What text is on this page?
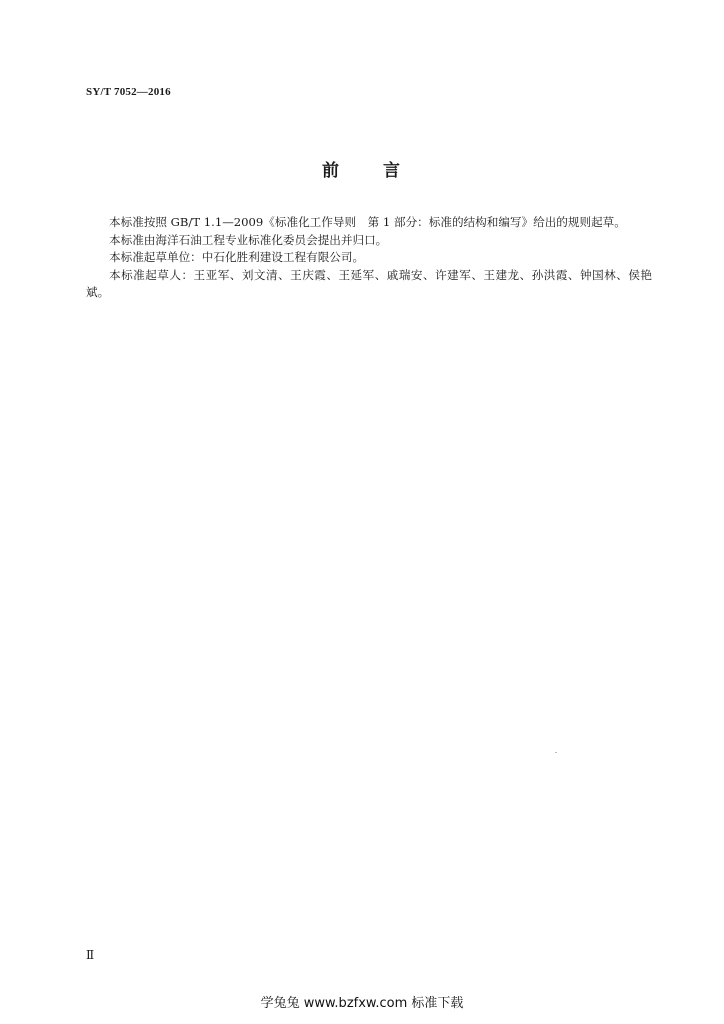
SY/T 7052—2016
前 言

本标准按照 GB/T 1.1—2009《标准化工作导则　第 1 部分：标准的结构和编写》给出的规则起草。

本标准由海洋石油工程专业标准化委员会提出并归口。

本标准起草单位：中石化胜利建设工程有限公司。

本标准起草人：王亚军、刘文清、王庆霞、王延军、戚瑞安、许建军、王建龙、孙洪霞、钟国林、侯艳斌。

Ⅱ
学兔兔 www.bzfxw.com 标准下载
